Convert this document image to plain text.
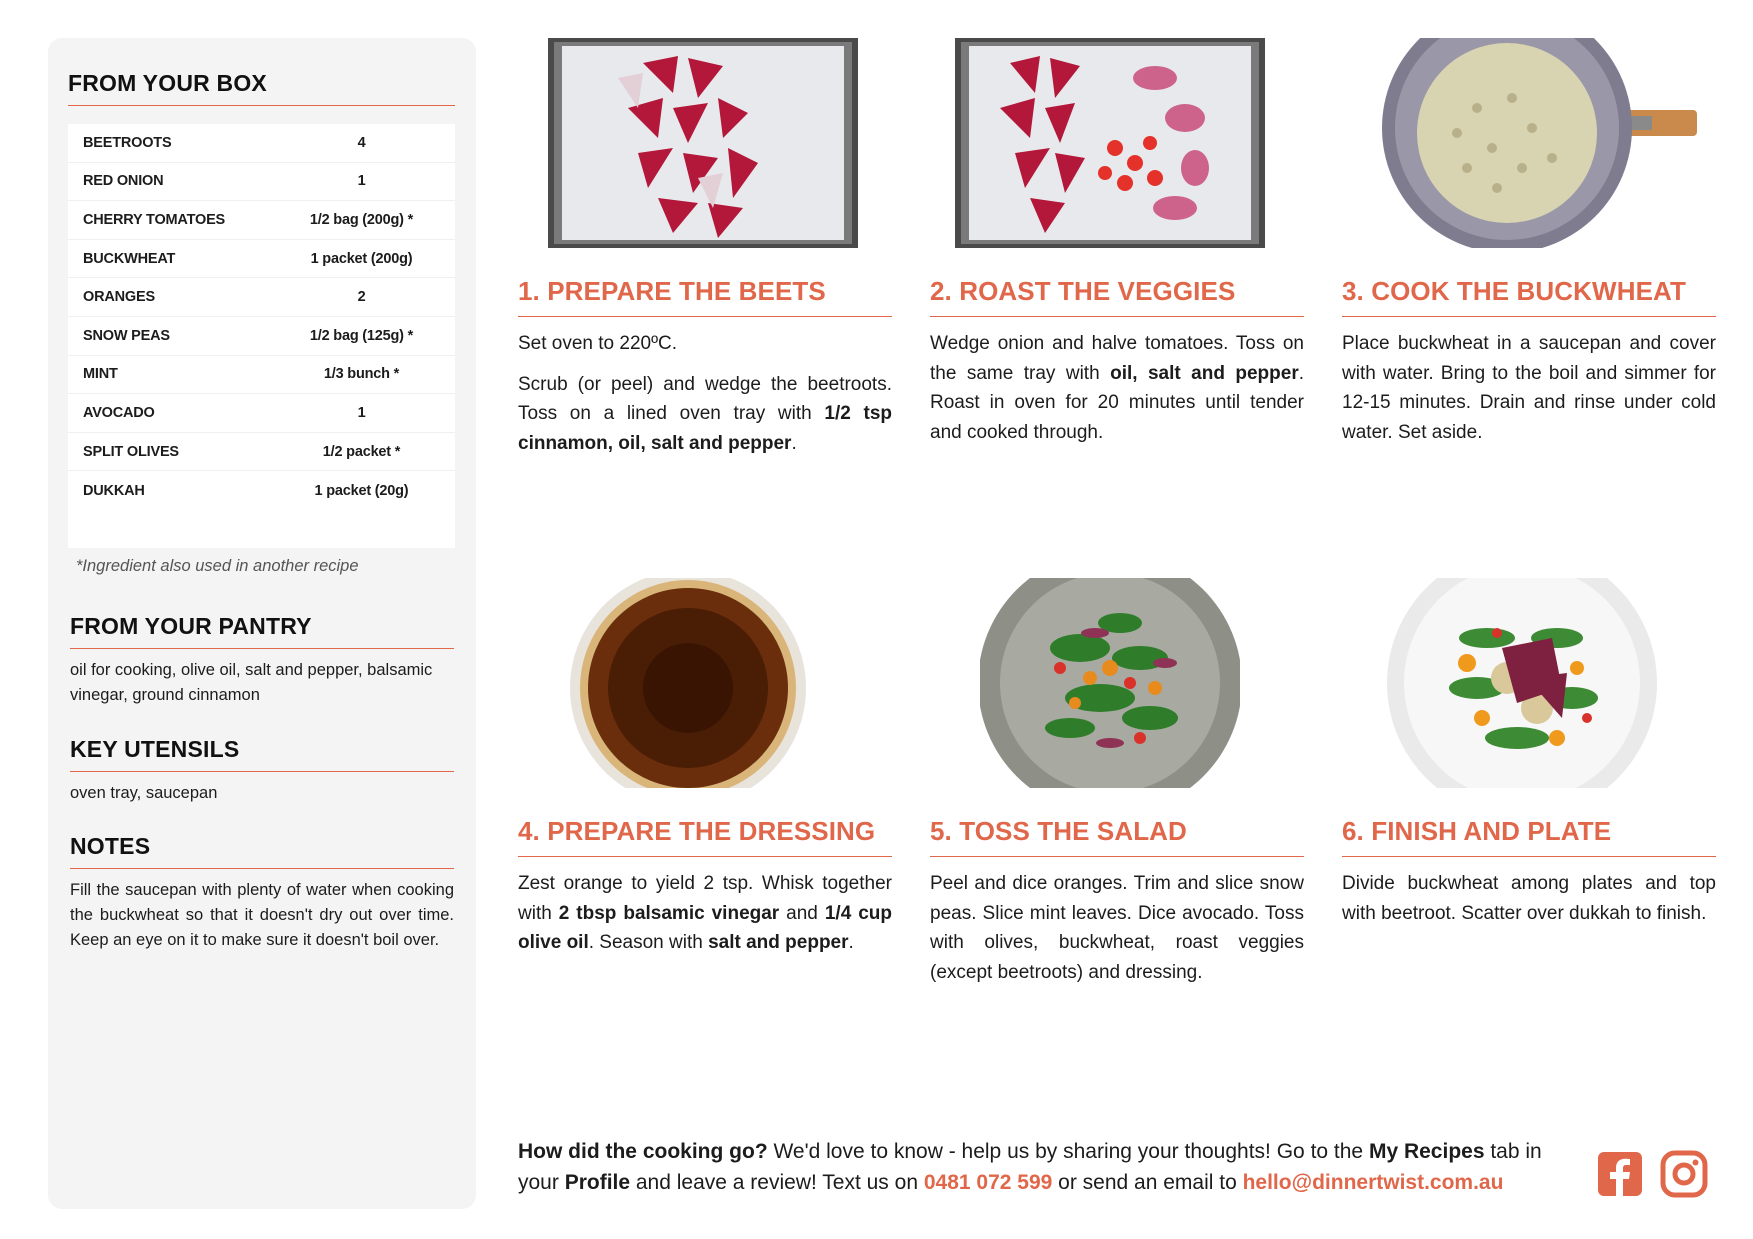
FROM YOUR BOX
BEETROOTS	4
RED ONION	1
CHERRY TOMATOES	1/2 bag (200g) *
BUCKWHEAT	1 packet (200g)
ORANGES	2
SNOW PEAS	1/2 bag (125g) *
MINT	1/3 bunch *
AVOCADO	1
SPLIT OLIVES	1/2 packet *
DUKKAH	1 packet (20g)
*Ingredient also used in another recipe
FROM YOUR PANTRY
oil for cooking, olive oil, salt and pepper, balsamic vinegar, ground cinnamon
KEY UTENSILS
oven tray, saucepan
NOTES
Fill the saucepan with plenty of water when cooking the buckwheat so that it doesn't dry out over time. Keep an eye on it to make sure it doesn't boil over.
1. PREPARE THE BEETS

Set oven to 220ºC.

Scrub (or peel) and wedge the beetroots. Toss on a lined oven tray with 1/2 tsp cinnamon, oil, salt and pepper.

2. ROAST THE VEGGIES

Wedge onion and halve tomatoes. Toss on the same tray with oil, salt and pepper. Roast in oven for 20 minutes until tender and cooked through.

3. COOK THE BUCKWHEAT

Place buckwheat in a saucepan and cover with water. Bring to the boil and simmer for 12-15 minutes. Drain and rinse under cold water. Set aside.

4. PREPARE THE DRESSING

Zest orange to yield 2 tsp. Whisk together with 2 tbsp balsamic vinegar and 1/4 cup olive oil. Season with salt and pepper.

5. TOSS THE SALAD

Peel and dice oranges. Trim and slice snow peas. Slice mint leaves. Dice avocado. Toss with olives, buckwheat, roast veggies (except beetroots) and dressing.

6. FINISH AND PLATE

Divide buckwheat among plates and top with beetroot. Scatter over dukkah to finish.

How did the cooking go? We'd love to know - help us by sharing your thoughts! Go to the My Recipes tab in your Profile and leave a review! Text us on 0481 072 599 or send an email to hello@dinnertwist.com.au
